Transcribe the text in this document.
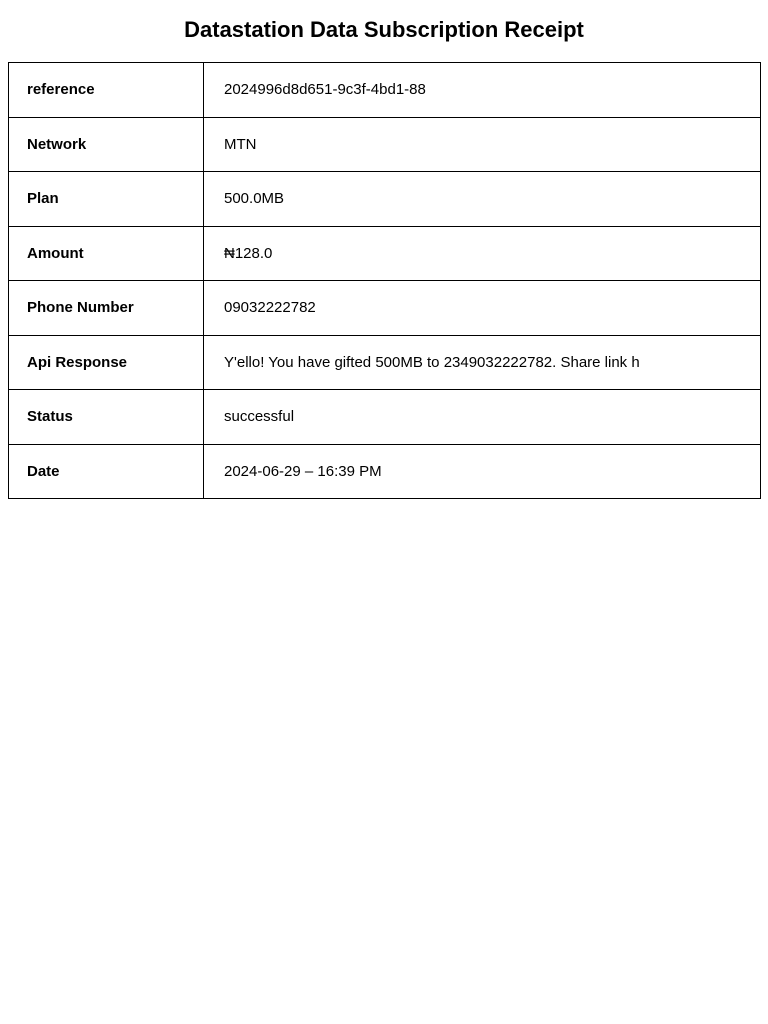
Datastation Data Subscription Receipt
reference	2024996d8d651-9c3f-4bd1-88
Network	MTN
Plan	500.0MB
Amount	₦128.0
Phone Number	09032222782
Api Response	Y'ello! You have gifted 500MB to 2349032222782. Share link h
Status	successful
Date	2024-06-29 – 16:39 PM
